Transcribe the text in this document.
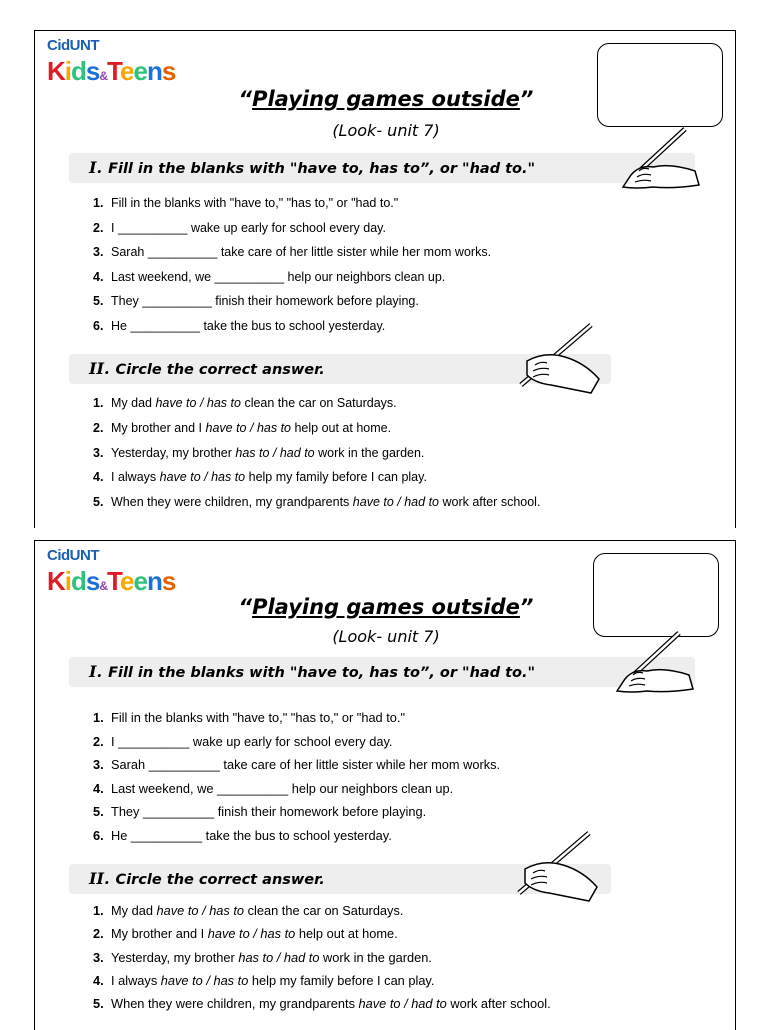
CidUNT
Kids&Teens
“Playing games outside”
(Look- unit 7)
I. Fill in the blanks with "have to, has to”, or "had to."
1. Fill in the blanks with "have to," "has to," or "had to."
2. I __________ wake up early for school every day.
3. Sarah __________ take care of her little sister while her mom works.
4. Last weekend, we __________ help our neighbors clean up.
5. They __________ finish their homework before playing.
6. He __________ take the bus to school yesterday.
II. Circle the correct answer.
1. My dad have to / has to clean the car on Saturdays.
2. My brother and I have to / has to help out at home.
3. Yesterday, my brother has to / had to work in the garden.
4. I always have to / has to help my family before I can play.
5. When they were children, my grandparents have to / had to work after school.
CidUNT
Kids&Teens
“Playing games outside”
(Look- unit 7)
I. Fill in the blanks with "have to, has to”, or "had to."
1. Fill in the blanks with "have to," "has to," or "had to."
2. I __________ wake up early for school every day.
3. Sarah __________ take care of her little sister while her mom works.
4. Last weekend, we __________ help our neighbors clean up.
5. They __________ finish their homework before playing.
6. He __________ take the bus to school yesterday.
II. Circle the correct answer.
1. My dad have to / has to clean the car on Saturdays.
2. My brother and I have to / has to help out at home.
3. Yesterday, my brother has to / had to work in the garden.
4. I always have to / has to help my family before I can play.
5. When they were children, my grandparents have to / had to work after school.
